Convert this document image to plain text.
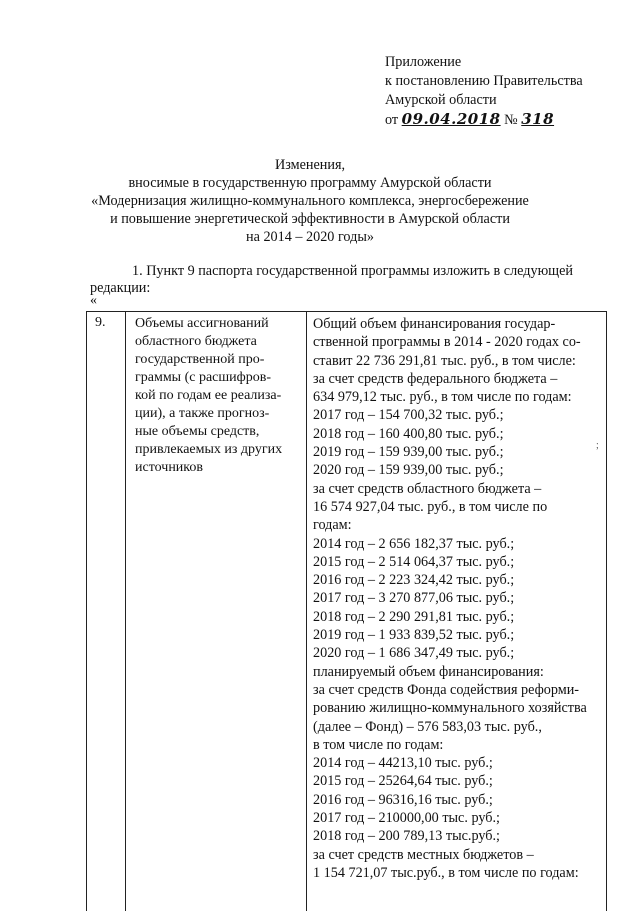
Приложение
к постановлению Правительства
Амурской области
от 09.04.2018 № 318
Изменения,
вносимые в государственную программу Амурской области
«Модернизация жилищно-коммунального комплекса, энергосбережение
и повышение энергетической эффективности в Амурской области
на 2014 – 2020 годы»
1. Пункт 9 паспорта государственной программы изложить в следующей
редакции:
«
9. Объемы ассигнований
областного бюджета
государственной про-
граммы (с расшифров-
кой по годам ее реализа-
ции), а также прогноз-
ные объемы средств,
привлекаемых из других
источников
Общий объем финансирования государ-
ственной программы в 2014 - 2020 годах со-
ставит 22 736 291,81 тыс. руб., в том числе:
за счет средств федерального бюджета –
634 979,12 тыс. руб., в том числе по годам:
2017 год – 154 700,32 тыс. руб.;
2018 год – 160 400,80 тыс. руб.;
2019 год – 159 939,00 тыс. руб.;
2020 год – 159 939,00 тыс. руб.;
за счет средств областного бюджета –
16 574 927,04 тыс. руб., в том числе по
годам:
2014 год – 2 656 182,37 тыс. руб.;
2015 год – 2 514 064,37 тыс. руб.;
2016 год – 2 223 324,42 тыс. руб.;
2017 год – 3 270 877,06 тыс. руб.;
2018 год – 2 290 291,81 тыс. руб.;
2019 год – 1 933 839,52 тыс. руб.;
2020 год – 1 686 347,49 тыс. руб.;
планируемый объем финансирования:
за счет средств Фонда содействия реформи-
рованию жилищно-коммунального хозяйства
(далее – Фонд) – 576 583,03 тыс. руб.,
в том числе по годам:
2014 год – 44213,10 тыс. руб.;
2015 год – 25264,64 тыс. руб.;
2016 год – 96316,16 тыс. руб.;
2017 год – 210000,00 тыс. руб.;
2018 год – 200 789,13 тыс.руб.;
за счет средств местных бюджетов –
1 154 721,07 тыс.руб., в том числе по годам:
;
